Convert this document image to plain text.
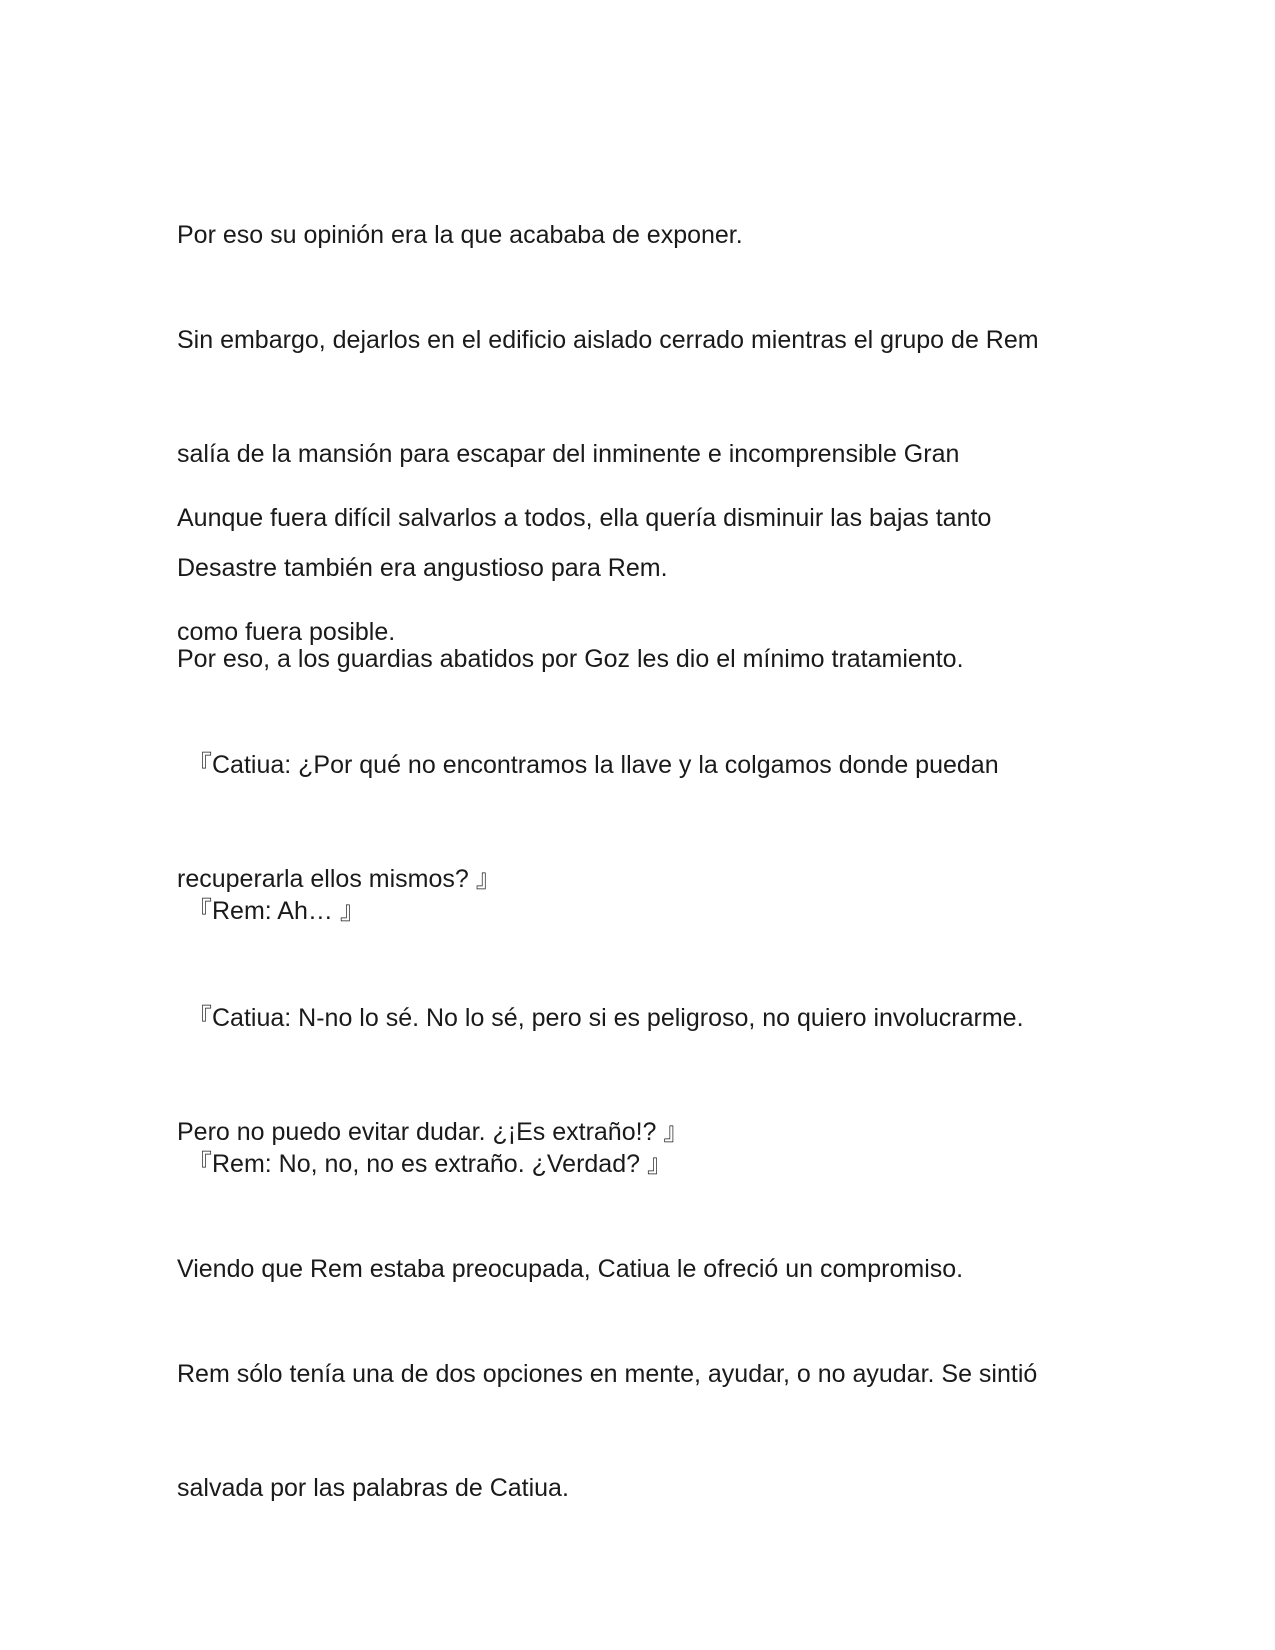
Por eso su opinión era la que acababa de exponer.

Sin embargo, dejarlos en el edificio aislado cerrado mientras el grupo de Rem

salía de la mansión para escapar del inminente e incomprensible Gran

Desastre también era angustioso para Rem.

Aunque fuera difícil salvarlos a todos, ella quería disminuir las bajas tanto

como fuera posible.

Por eso, a los guardias abatidos por Goz les dio el mínimo tratamiento.

『Catiua: ¿Por qué no encontramos la llave y la colgamos donde puedan

recuperarla ellos mismos? 』

『Rem: Ah… 』

『Catiua: N-no lo sé. No lo sé, pero si es peligroso, no quiero involucrarme.

Pero no puedo evitar dudar. ¿¡Es extraño!? 』

『Rem: No, no, no es extraño. ¿Verdad? 』

Viendo que Rem estaba preocupada, Catiua le ofreció un compromiso.

Rem sólo tenía una de dos opciones en mente, ayudar, o no ayudar. Se sintió

salvada por las palabras de Catiua.
